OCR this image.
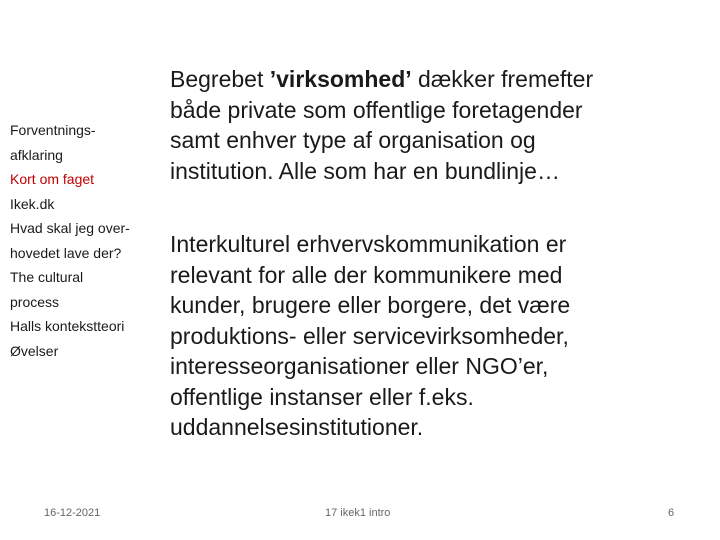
Forventnings-
afklaring
Kort om faget
Ikek.dk
Hvad skal jeg over-
hovedet lave der?
The cultural
process
Halls kontekstteori
Øvelser

Begrebet ’virksomhed’ dækker fremefter

både private som offentlige foretagender

samt enhver type af organisation og

institution. Alle som har en bundlinje…

Interkulturel erhvervskommunikation er

relevant for alle der kommunikere med

kunder, brugere eller borgere, det være

produktions- eller servicevirksomheder,

interesseorganisationer eller NGO’er,

offentlige instanser eller f.eks.

uddannelsesinstitutioner.

16-12-2021	17 ikek1 intro	6
